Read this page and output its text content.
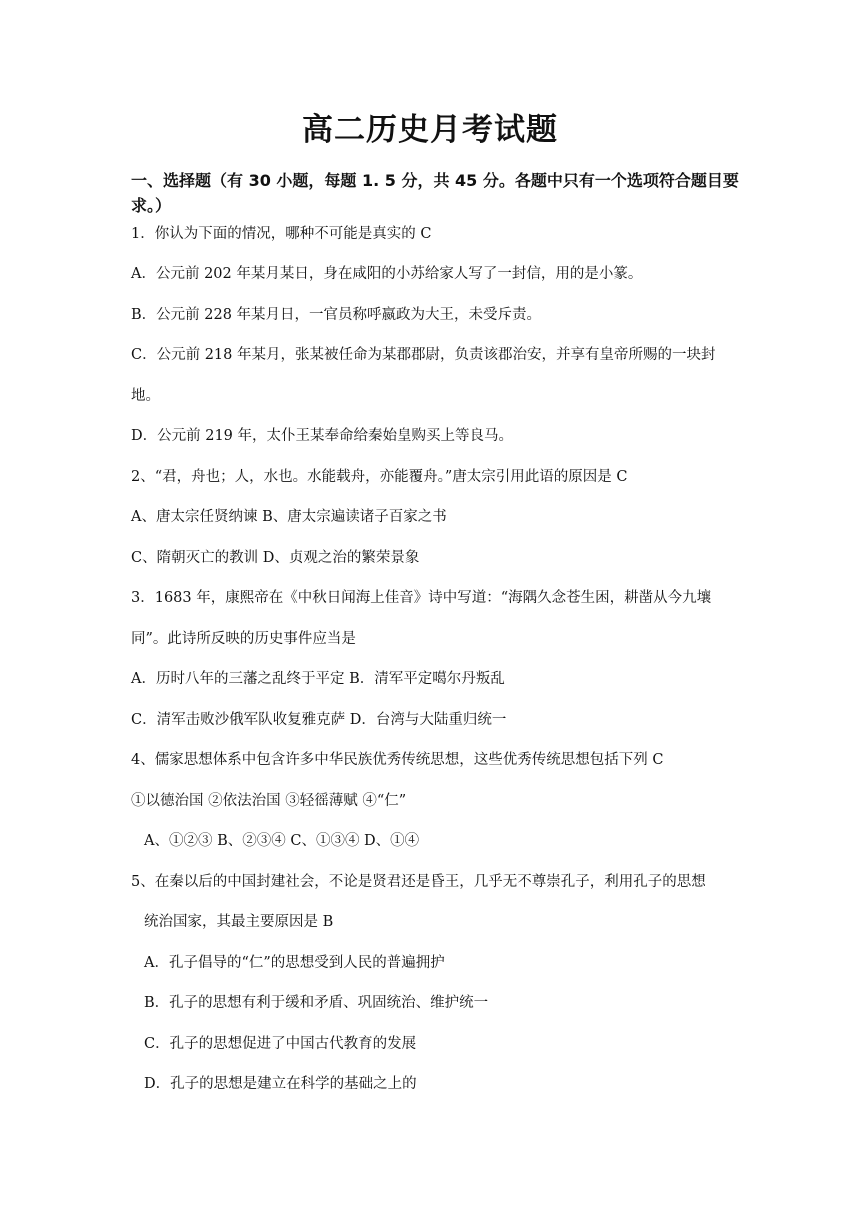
高二历史月考试题
一、选择题（有 30 小题，每题 1. 5 分，共 45 分。各题中只有一个选项符合题目要求。）

1．你认为下面的情况，哪种不可能是真实的 C

A．公元前 202 年某月某日，身在咸阳的小苏给家人写了一封信，用的是小篆。

B．公元前 228 年某月日，一官员称呼嬴政为大王，未受斥责。

C．公元前 218 年某月，张某被任命为某郡郡尉，负责该郡治安，并享有皇帝所赐的一块封

地。

D．公元前 219 年，太仆王某奉命给秦始皇购买上等良马。

2、“君，舟也；人，水也。水能载舟，亦能覆舟。”唐太宗引用此语的原因是 C

A、唐太宗任贤纳谏 B、唐太宗遍读诸子百家之书

C、隋朝灭亡的教训 D、贞观之治的繁荣景象

3．1683 年，康熙帝在《中秋日闻海上佳音》诗中写道：“海隅久念苍生困，耕凿从今九壤

同”。此诗所反映的历史事件应当是

A．历时八年的三藩之乱终于平定 B．清军平定噶尔丹叛乱

C．清军击败沙俄军队收复雅克萨 D．台湾与大陆重归统一

4、儒家思想体系中包含许多中华民族优秀传统思想，这些优秀传统思想包括下列 C

①以德治国 ②依法治国 ③轻徭薄赋 ④“仁”

A、①②③ B、②③④ C、①③④ D、①④

5、在秦以后的中国封建社会，不论是贤君还是昏王，几乎无不尊崇孔子，利用孔子的思想

统治国家，其最主要原因是 B

A．孔子倡导的“仁”的思想受到人民的普遍拥护

B．孔子的思想有利于缓和矛盾、巩固统治、维护统一

C．孔子的思想促进了中国古代教育的发展

D．孔子的思想是建立在科学的基础之上的
